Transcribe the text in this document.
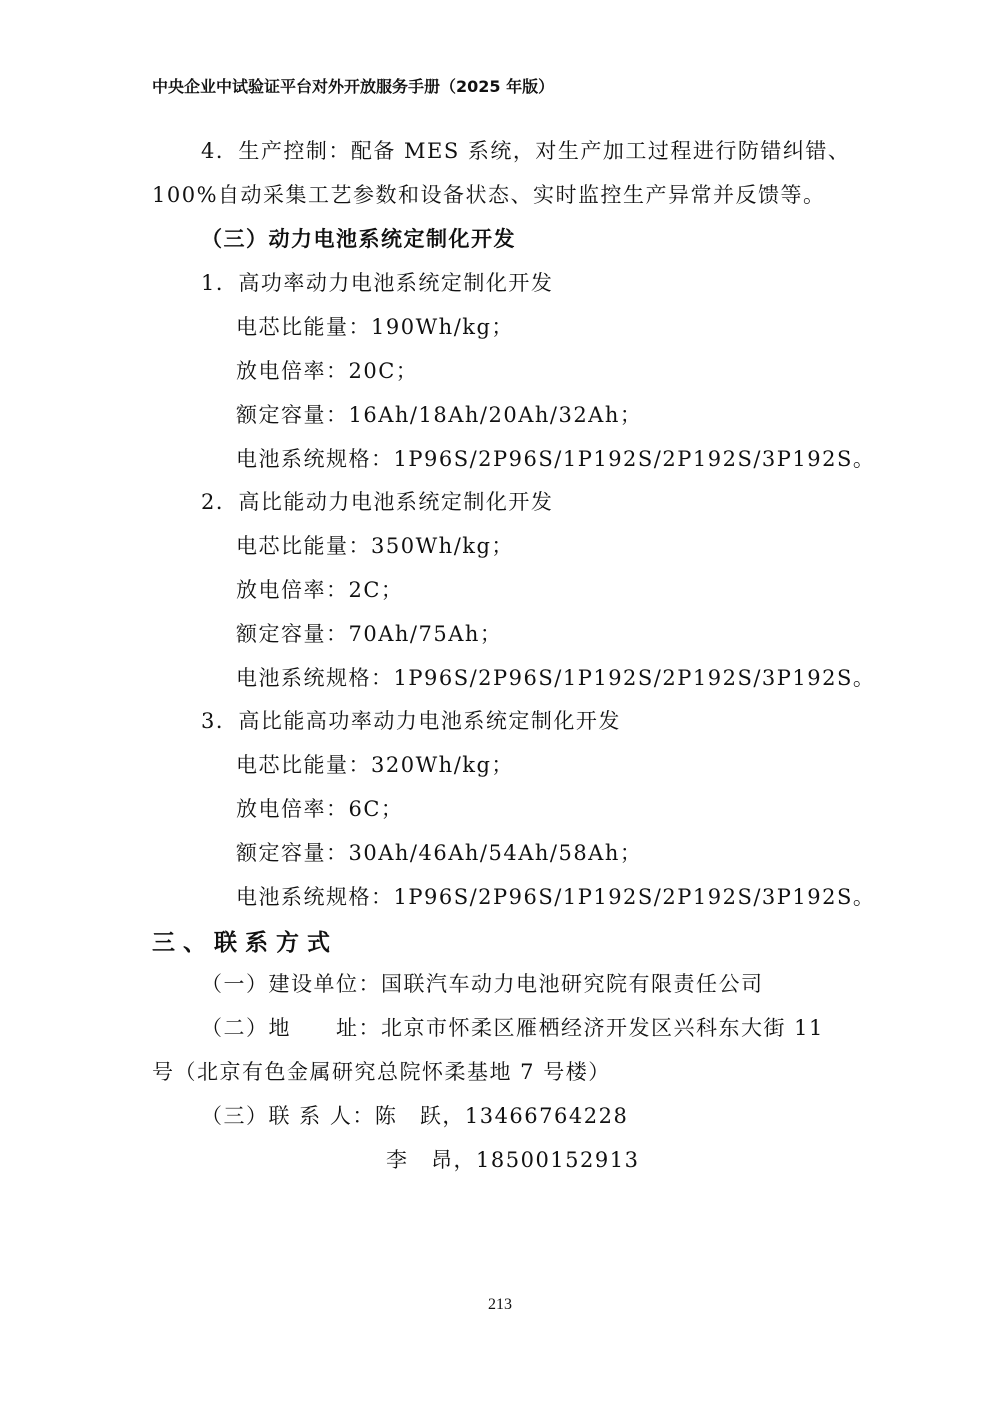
中央企业中试验证平台对外开放服务手册（2025 年版）
4．生产控制：配备 MES 系统，对生产加工过程进行防错纠错、
100%自动采集工艺参数和设备状态、实时监控生产异常并反馈等。
（三）动力电池系统定制化开发
1．高功率动力电池系统定制化开发
电芯比能量：190Wh/kg；
放电倍率：20C；
额定容量：16Ah/18Ah/20Ah/32Ah；
电池系统规格：1P96S/2P96S/1P192S/2P192S/3P192S。
2．高比能动力电池系统定制化开发
电芯比能量：350Wh/kg；
放电倍率：2C；
额定容量：70Ah/75Ah；
电池系统规格：1P96S/2P96S/1P192S/2P192S/3P192S。
3．高比能高功率动力电池系统定制化开发
电芯比能量：320Wh/kg；
放电倍率：6C；
额定容量：30Ah/46Ah/54Ah/58Ah；
电池系统规格：1P96S/2P96S/1P192S/2P192S/3P192S。
三、联系方式
（一）建设单位：国联汽车动力电池研究院有限责任公司
（二）地　　址：北京市怀柔区雁栖经济开发区兴科东大街 11
号（北京有色金属研究总院怀柔基地 7 号楼）
（三）联 系 人：陈　跃，13466764228
李　昂，18500152913
213
